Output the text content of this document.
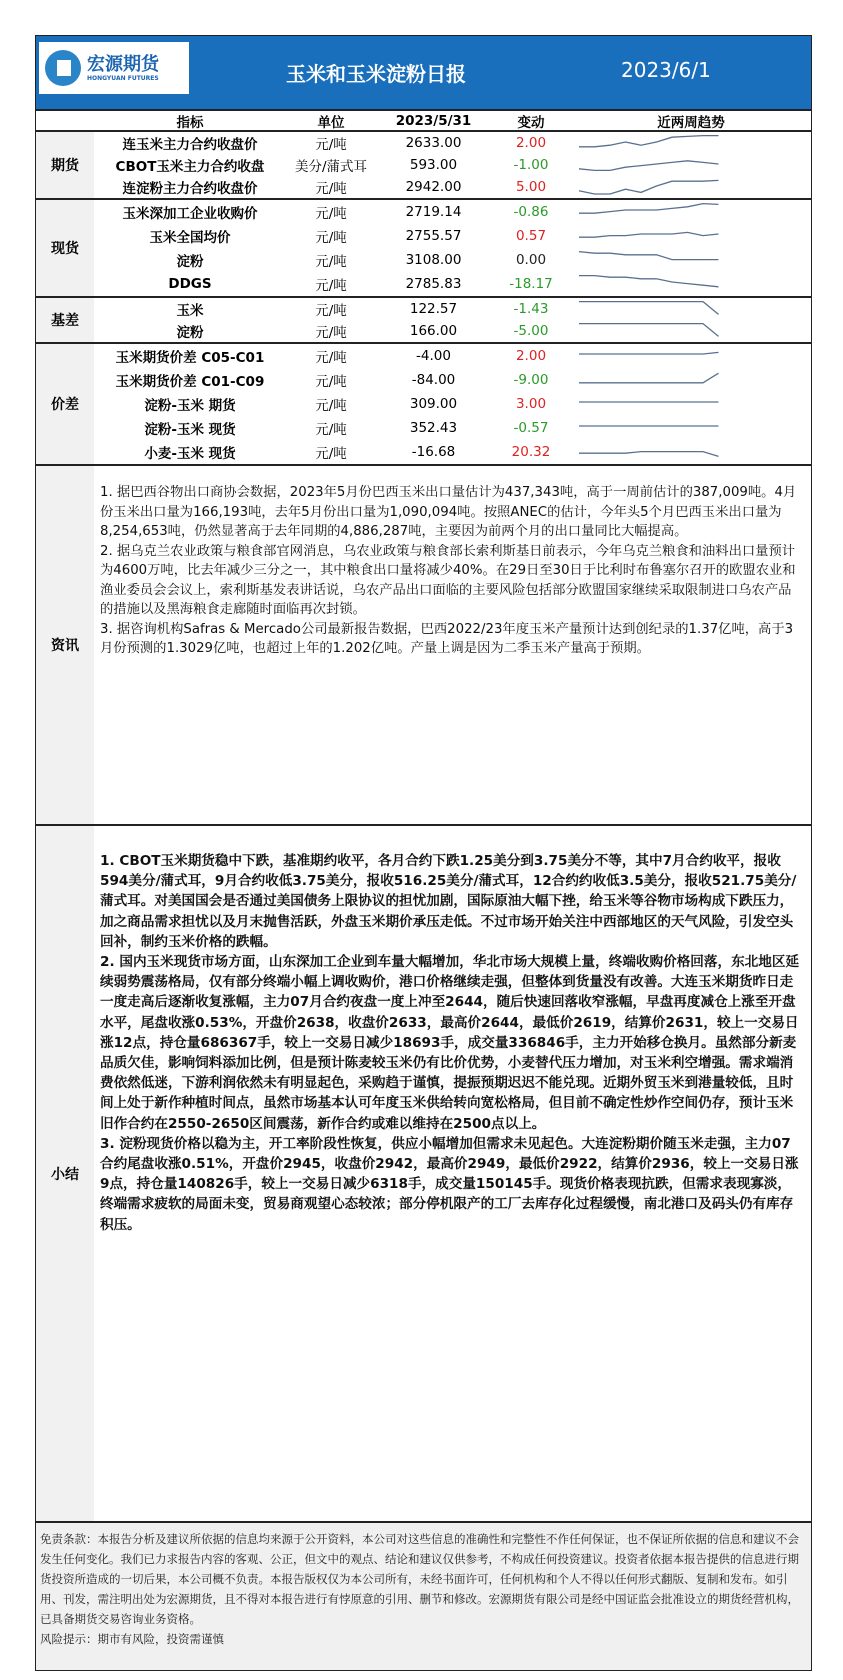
宏源期货
HONGYUAN FUTURES	玉米和玉米淀粉日报	2023/6/1
指标	单位	2023/5/31	变动	近两周趋势
期货
连玉米主力合约收盘价	元/吨	2633.00	2.00
CBOT玉米主力合约收盘	美分/蒲式耳	593.00	-1.00
连淀粉主力合约收盘价	元/吨	2942.00	5.00
现货
玉米深加工企业收购价	元/吨	2719.14	-0.86
玉米全国均价	元/吨	2755.57	0.57
淀粉	元/吨	3108.00	0.00
DDGS	元/吨	2785.83	-18.17
基差
玉米	元/吨	122.57	-1.43
淀粉	元/吨	166.00	-5.00
价差
玉米期货价差 C05-C01	元/吨	-4.00	2.00
玉米期货价差 C01-C09	元/吨	-84.00	-9.00
淀粉-玉米 期货	元/吨	309.00	3.00
淀粉-玉米 现货	元/吨	352.43	-0.57
小麦-玉米 现货	元/吨	-16.68	20.32
资讯

1. 据巴西谷物出口商协会数据，2023年5月份巴西玉米出口量估计为437,343吨，高于一周前估计的387,009吨。4月份玉米出口量为166,193吨，去年5月份出口量为1,090,094吨。按照ANEC的估计，今年头5个月巴西玉米出口量为8,254,653吨，仍然显著高于去年同期的4,886,287吨，主要因为前两个月的出口量同比大幅提高。

2. 据乌克兰农业政策与粮食部官网消息，乌农业政策与粮食部长索利斯基日前表示，今年乌克兰粮食和油料出口量预计为4600万吨，比去年减少三分之一，其中粮食出口量将减少40%。在29日至30日于比利时布鲁塞尔召开的欧盟农业和渔业委员会会议上，索利斯基发表讲话说，乌农产品出口面临的主要风险包括部分欧盟国家继续采取限制进口乌农产品的措施以及黑海粮食走廊随时面临再次封锁。

3. 据咨询机构Safras & Mercado公司最新报告数据，巴西2022/23年度玉米产量预计达到创纪录的1.37亿吨，高于3月份预测的1.3029亿吨，也超过上年的1.202亿吨。产量上调是因为二季玉米产量高于预期。

小结

1. CBOT玉米期货稳中下跌，基准期约收平，各月合约下跌1.25美分到3.75美分不等，其中7月合约收平，报收594美分/蒲式耳，9月合约收低3.75美分，报收516.25美分/蒲式耳，12合约约收低3.5美分，报收521.75美分/蒲式耳。对美国国会是否通过美国债务上限协议的担忧加剧，国际原油大幅下挫，给玉米等谷物市场构成下跌压力，加之商品需求担忧以及月末抛售活跃，外盘玉米期价承压走低。不过市场开始关注中西部地区的天气风险，引发空头回补，制约玉米价格的跌幅。

2. 国内玉米现货市场方面，山东深加工企业到车量大幅增加，华北市场大规模上量，终端收购价格回落，东北地区延续弱势震荡格局，仅有部分终端小幅上调收购价，港口价格继续走强，但整体到货量没有改善。大连玉米期货昨日走一度走高后逐渐收复涨幅，主力07月合约夜盘一度上冲至2644，随后快速回落收窄涨幅，早盘再度减仓上涨至开盘水平，尾盘收涨0.53%，开盘价2638，收盘价2633，最高价2644，最低价2619，结算价2631，较上一交易日涨12点，持仓量686367手，较上一交易日减少18693手，成交量336846手，主力开始移仓换月。虽然部分新麦品质欠佳，影响饲料添加比例，但是预计陈麦较玉米仍有比价优势，小麦替代压力增加，对玉米利空增强。需求端消费依然低迷，下游利润依然未有明显起色，采购趋于谨慎，提振预期迟迟不能兑现。近期外贸玉米到港量较低，且时间上处于新作种植时间点，虽然市场基本认可年度玉米供给转向宽松格局，但目前不确定性炒作空间仍存，预计玉米旧作合约在2550-2650区间震荡，新作合约或难以维持在2500点以上。

3. 淀粉现货价格以稳为主，开工率阶段性恢复，供应小幅增加但需求未见起色。大连淀粉期价随玉米走强，主力07合约尾盘收涨0.51%，开盘价2945，收盘价2942，最高价2949，最低价2922，结算价2936，较上一交易日涨9点，持仓量140826手，较上一交易日减少6318手，成交量150145手。现货价格表现抗跌，但需求表现寡淡，终端需求疲软的局面未变，贸易商观望心态较浓；部分停机限产的工厂去库存化过程缓慢，南北港口及码头仍有库存积压。

免责条款：本报告分析及建议所依据的信息均来源于公开资料，本公司对这些信息的准确性和完整性不作任何保证，也不保证所依据的信息和建议不会发生任何变化。我们已力求报告内容的客观、公正，但文中的观点、结论和建议仅供参考，不构成任何投资建议。投资者依据本报告提供的信息进行期货投资所造成的一切后果，本公司概不负责。本报告版权仅为本公司所有，未经书面许可，任何机构和个人不得以任何形式翻版、复制和发布。如引用、刊发，需注明出处为宏源期货，且不得对本报告进行有悖原意的引用、删节和修改。宏源期货有限公司是经中国证监会批准设立的期货经营机构，已具备期货交易咨询业务资格。

风险提示：期市有风险，投资需谨慎
